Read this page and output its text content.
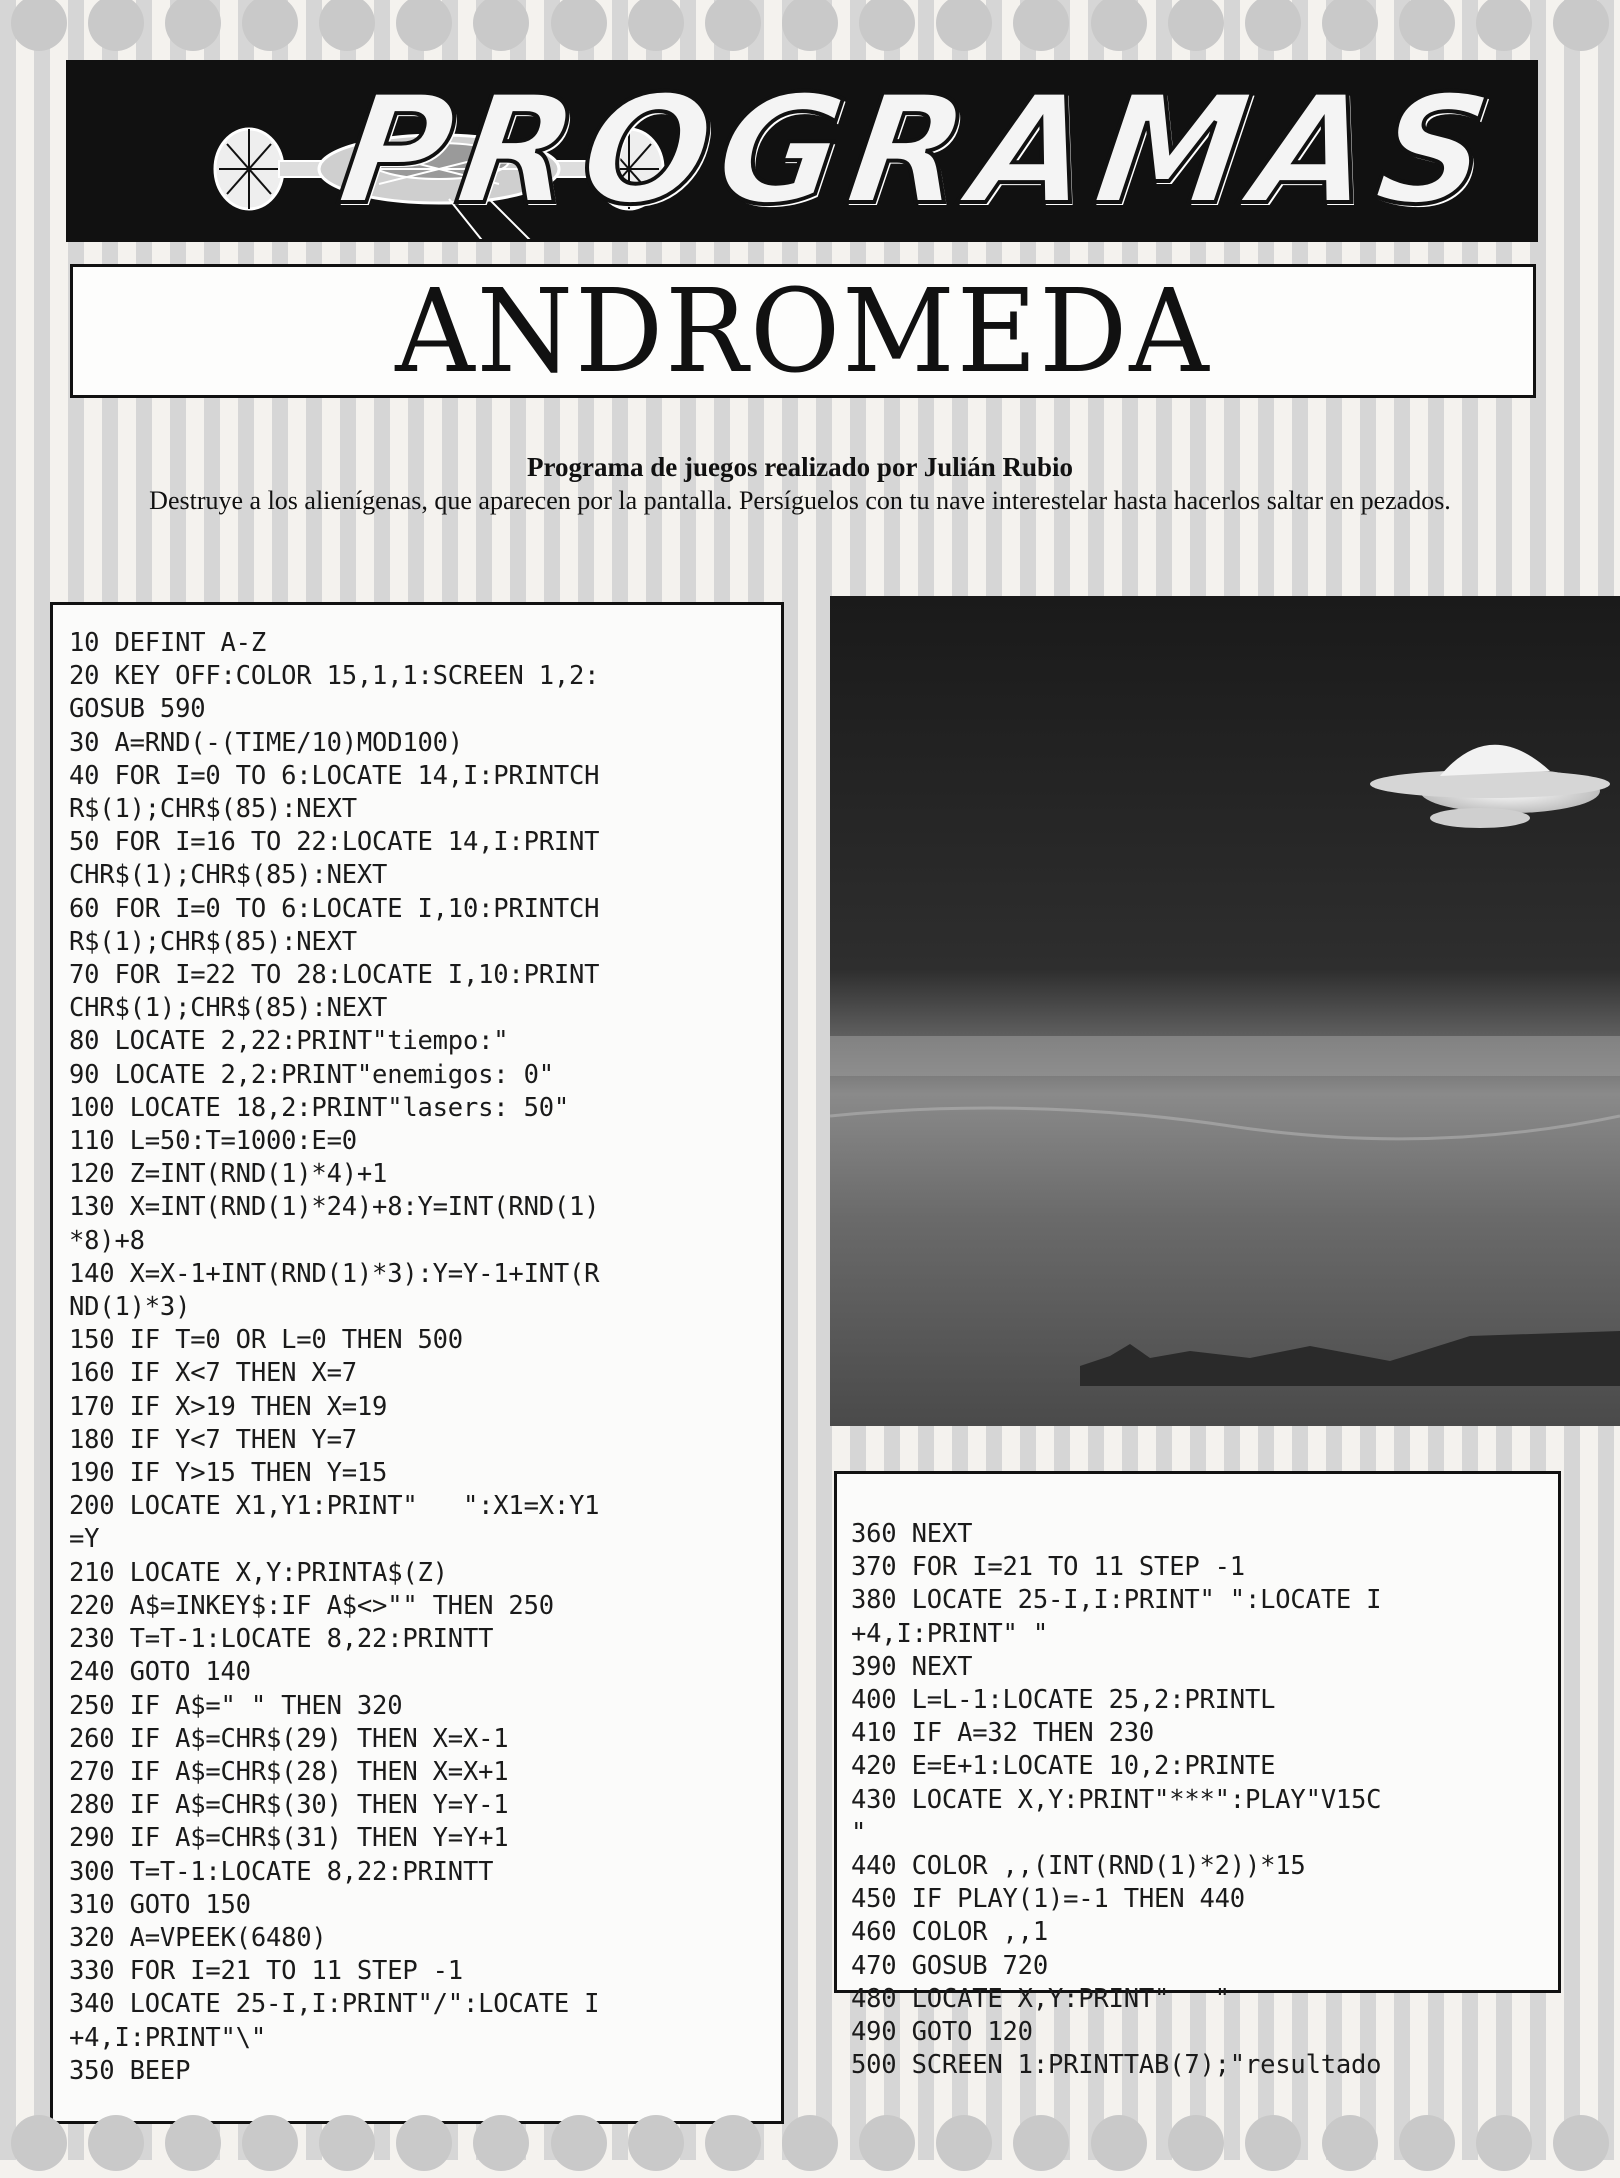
PROGRAMAS
ANDROMEDA
Programa de juegos realizado por Julián Rubio
Destruye a los alienígenas, que aparecen por la pantalla. Persíguelos con tu nave interestelar hasta hacerlos saltar en pezados.
10 DEFINT A-Z
20 KEY OFF:COLOR 15,1,1:SCREEN 1,2:
GOSUB 590
30 A=RND(-(TIME/10)MOD100)
40 FOR I=0 TO 6:LOCATE 14,I:PRINTCH
R$(1);CHR$(85):NEXT
50 FOR I=16 TO 22:LOCATE 14,I:PRINT
CHR$(1);CHR$(85):NEXT
60 FOR I=0 TO 6:LOCATE I,10:PRINTCH
R$(1);CHR$(85):NEXT
70 FOR I=22 TO 28:LOCATE I,10:PRINT
CHR$(1);CHR$(85):NEXT
80 LOCATE 2,22:PRINT"tiempo:"
90 LOCATE 2,2:PRINT"enemigos: 0"
100 LOCATE 18,2:PRINT"lasers: 50"
110 L=50:T=1000:E=0
120 Z=INT(RND(1)*4)+1
130 X=INT(RND(1)*24)+8:Y=INT(RND(1)
*8)+8
140 X=X-1+INT(RND(1)*3):Y=Y-1+INT(R
ND(1)*3)
150 IF T=0 OR L=0 THEN 500
160 IF X<7 THEN X=7
170 IF X>19 THEN X=19
180 IF Y<7 THEN Y=7
190 IF Y>15 THEN Y=15
200 LOCATE X1,Y1:PRINT"   ":X1=X:Y1
=Y
210 LOCATE X,Y:PRINTA$(Z)
220 A$=INKEY$:IF A$<>"" THEN 250
230 T=T-1:LOCATE 8,22:PRINTT
240 GOTO 140
250 IF A$=" " THEN 320
260 IF A$=CHR$(29) THEN X=X-1
270 IF A$=CHR$(28) THEN X=X+1
280 IF A$=CHR$(30) THEN Y=Y-1
290 IF A$=CHR$(31) THEN Y=Y+1
300 T=T-1:LOCATE 8,22:PRINTT
310 GOTO 150
320 A=VPEEK(6480)
330 FOR I=21 TO 11 STEP -1
340 LOCATE 25-I,I:PRINT"/":LOCATE I
+4,I:PRINT"\"
350 BEEP
360 NEXT
370 FOR I=21 TO 11 STEP -1
380 LOCATE 25-I,I:PRINT" ":LOCATE I
+4,I:PRINT" "
390 NEXT
400 L=L-1:LOCATE 25,2:PRINTL
410 IF A=32 THEN 230
420 E=E+1:LOCATE 10,2:PRINTE
430 LOCATE X,Y:PRINT"***":PLAY"V15C
"
440 COLOR ,,(INT(RND(1)*2))*15
450 IF PLAY(1)=-1 THEN 440
460 COLOR ,,1
470 GOSUB 720
480 LOCATE X,Y:PRINT"   "
490 GOTO 120
500 SCREEN 1:PRINTTAB(7);"resultado
